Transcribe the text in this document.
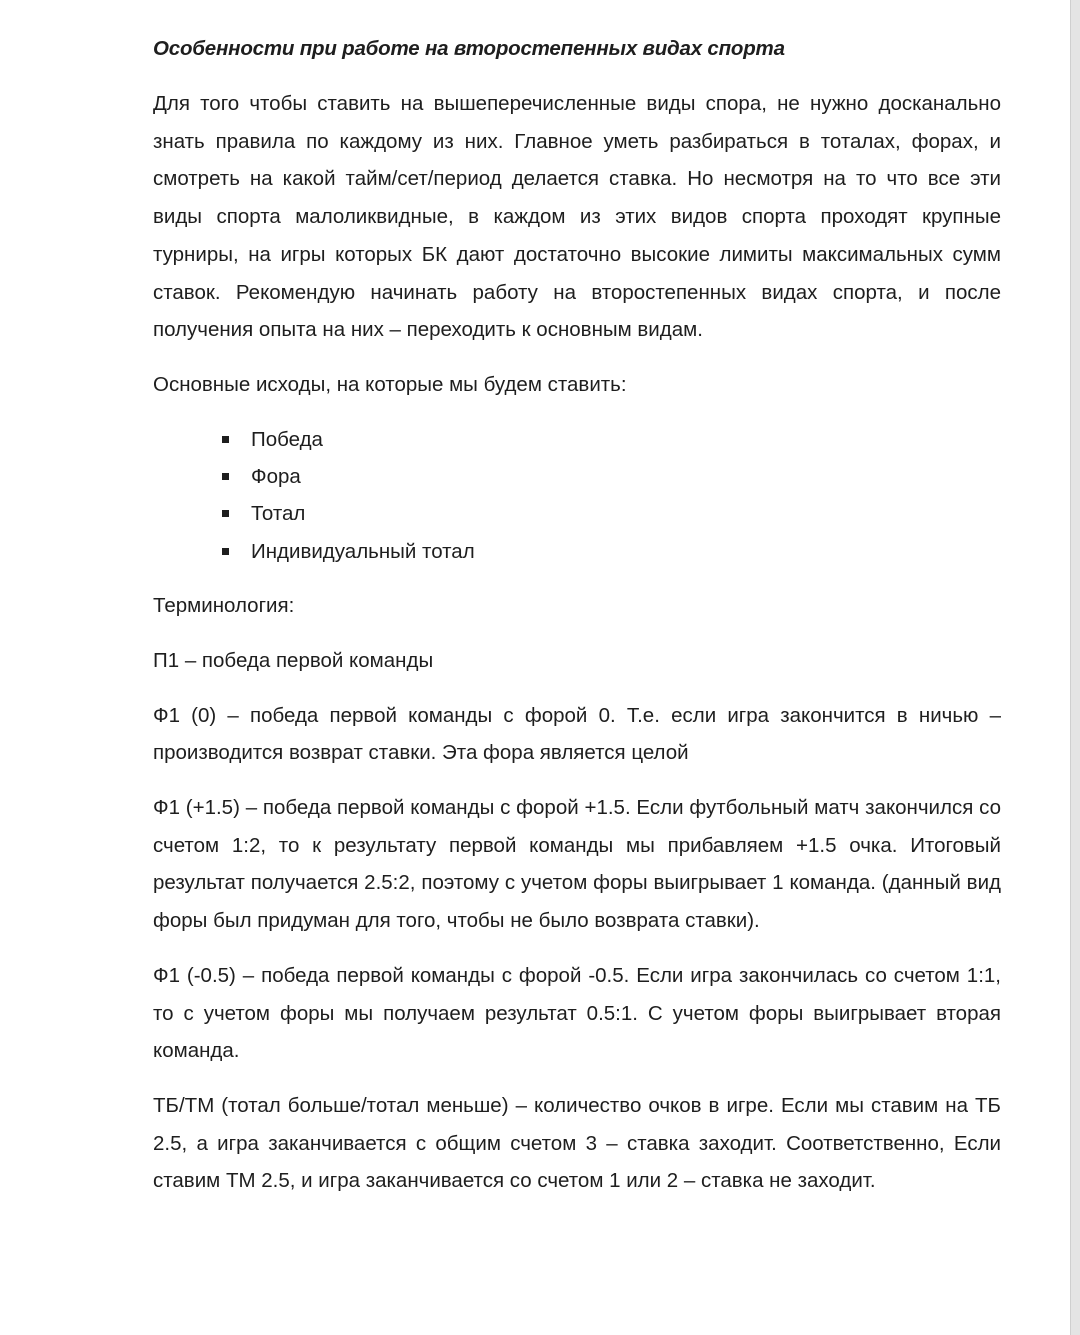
Особенности при работе на второстепенных видах спорта

Для того чтобы ставить на вышеперечисленные виды спора, не нужно досканально знать правила по каждому из них. Главное уметь разбираться в тоталах, форах, и смотреть на какой тайм/сет/период делается ставка. Но несмотря на то что все эти виды спорта малоликвидные, в каждом из этих видов спорта проходят крупные турниры, на игры которых БК дают достаточно высокие лимиты максимальных сумм ставок. Рекомендую начинать работу на второстепенных видах спорта, и после получения опыта на них – переходить к основным видам.

Основные исходы, на которые мы будем ставить:

Победа
Фора
Тотал
Индивидуальный тотал

Терминология:

П1 – победа первой команды

Ф1 (0) – победа первой команды с форой 0. Т.е. если игра закончится в ничью – производится возврат ставки. Эта фора является целой

Ф1 (+1.5) – победа первой команды с форой +1.5. Если футбольный матч закончился со счетом 1:2, то к результату первой команды мы прибавляем +1.5 очка. Итоговый результат получается 2.5:2, поэтому с учетом форы выигрывает 1 команда. (данный вид форы был придуман для того, чтобы не было возврата ставки).

Ф1 (-0.5) – победа первой команды с форой -0.5. Если игра закончилась со счетом 1:1, то с учетом форы мы получаем результат 0.5:1. С учетом форы выигрывает вторая команда.

ТБ/ТМ (тотал больше/тотал меньше) – количество очков в игре. Если мы ставим на ТБ 2.5, а игра заканчивается с общим счетом 3 – ставка заходит. Соответственно, Если ставим ТМ 2.5, и игра заканчивается со счетом 1 или 2 – ставка не заходит.
